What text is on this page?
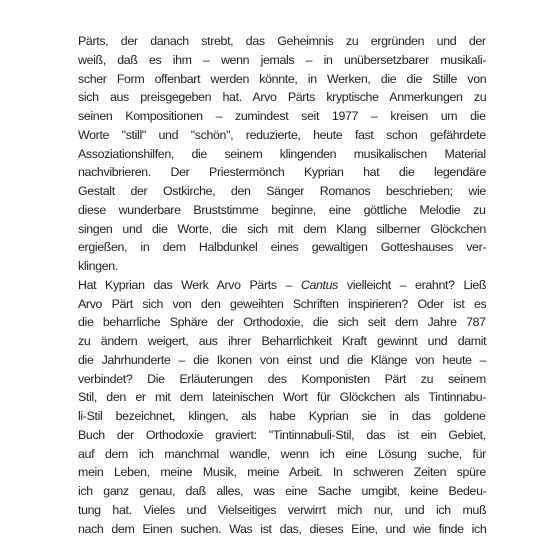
Pärts, der danach strebt, das Geheimnis zu ergründen und der
weiß, daß es ihm – wenn jemals – in unübersetzbarer musikali-
scher Form offenbart werden könnte, in Werken, die die Stille von
sich aus preisgegeben hat. Arvo Pärts kryptische Anmerkungen zu
seinen Kompositionen – zumindest seit 1977 – kreisen um die
Worte "still" und "schön", reduzierte, heute fast schon gefährdete
Assoziationshilfen, die seinem klingenden musikalischen Material
nachvibrieren. Der Priestermönch Kyprian hat die legendäre
Gestalt der Ostkirche, den Sänger Romanos beschrieben; wie
diese wunderbare Bruststimme beginne, eine göttliche Melodie zu
singen und die Worte, die sich mit dem Klang silberner Glöckchen
ergießen, in dem Halbdunkel eines gewaltigen Gotteshauses ver-
klingen.
Hat Kyprian das Werk Arvo Pärts – Cantus vielleicht – erahnt? Ließ
Arvo Pärt sich von den geweihten Schriften inspirieren? Oder ist es
die beharrliche Sphäre der Orthodoxie, die sich seit dem Jahre 787
zu ändern weigert, aus ihrer Beharrlichkeit Kraft gewinnt und damit
die Jahrhunderte – die Ikonen von einst und die Klänge von heute –
verbindet? Die Erläuterungen des Komponisten Pärt zu seinem
Stil, den er mit dem lateinischen Wort für Glöckchen als Tintinnabu-
li-Stil bezeichnet, klingen, als habe Kyprian sie in das goldene
Buch der Orthodoxie graviert: "Tintinnabuli-Stil, das ist ein Gebiet,
auf dem ich manchmal wandle, wenn ich eine Lösung suche, für
mein Leben, meine Musik, meine Arbeit. In schweren Zeiten spüre
ich ganz genau, daß alles, was eine Sache umgibt, keine Bedeu-
tung hat. Vieles und Vielseitiges verwirrt mich nur, und ich muß
nach dem Einen suchen. Was ist das, dieses Eine, und wie finde ich
